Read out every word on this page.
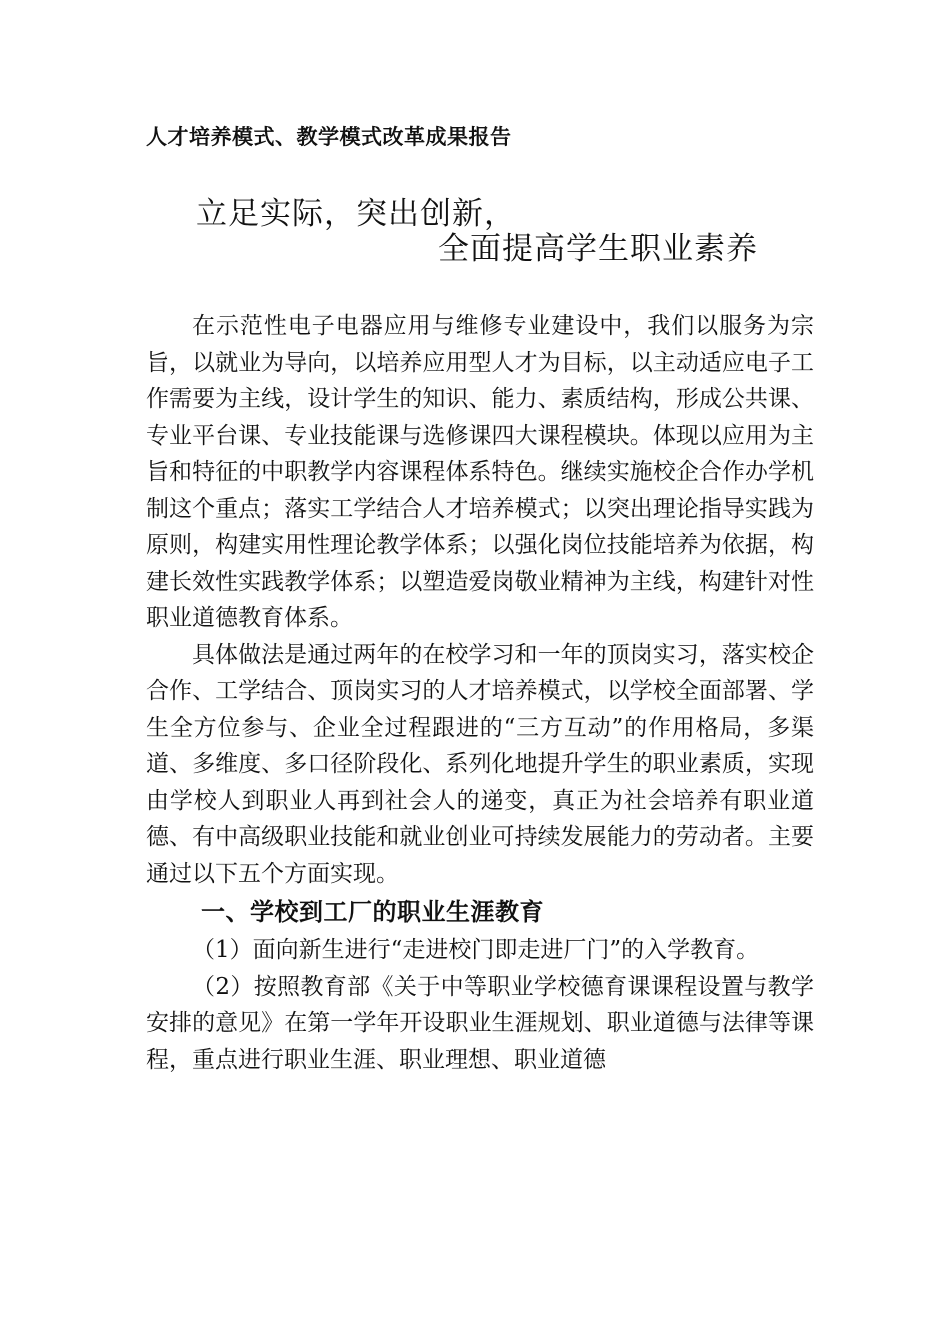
人才培养模式、教学模式改革成果报告
立足实际，突出创新，
全面提高学生职业素养

在示范性电子电器应用与维修专业建设中，我们以服务为宗旨，以就业为导向，以培养应用型人才为目标，以主动适应电子工作需要为主线，设计学生的知识、能力、素质结构，形成公共课、专业平台课、专业技能课与选修课四大课程模块。体现以应用为主旨和特征的中职教学内容课程体系特色。继续实施校企合作办学机制这个重点；落实工学结合人才培养模式；以突出理论指导实践为原则，构建实用性理论教学体系；以强化岗位技能培养为依据，构建长效性实践教学体系；以塑造爱岗敬业精神为主线，构建针对性职业道德教育体系。

具体做法是通过两年的在校学习和一年的顶岗实习，落实校企合作、工学结合、顶岗实习的人才培养模式，以学校全面部署、学生全方位参与、企业全过程跟进的“三方互动”的作用格局，多渠道、多维度、多口径阶段化、系列化地提升学生的职业素质，实现由学校人到职业人再到社会人的递变，真正为社会培养有职业道德、有中高级职业技能和就业创业可持续发展能力的劳动者。主要通过以下五个方面实现。

一、学校到工厂的职业生涯教育

（1）面向新生进行“走进校门即走进厂门”的入学教育。

（2）按照教育部《关于中等职业学校德育课课程设置与教学安排的意见》在第一学年开设职业生涯规划、职业道德与法律等课程，重点进行职业生涯、职业理想、职业道德
